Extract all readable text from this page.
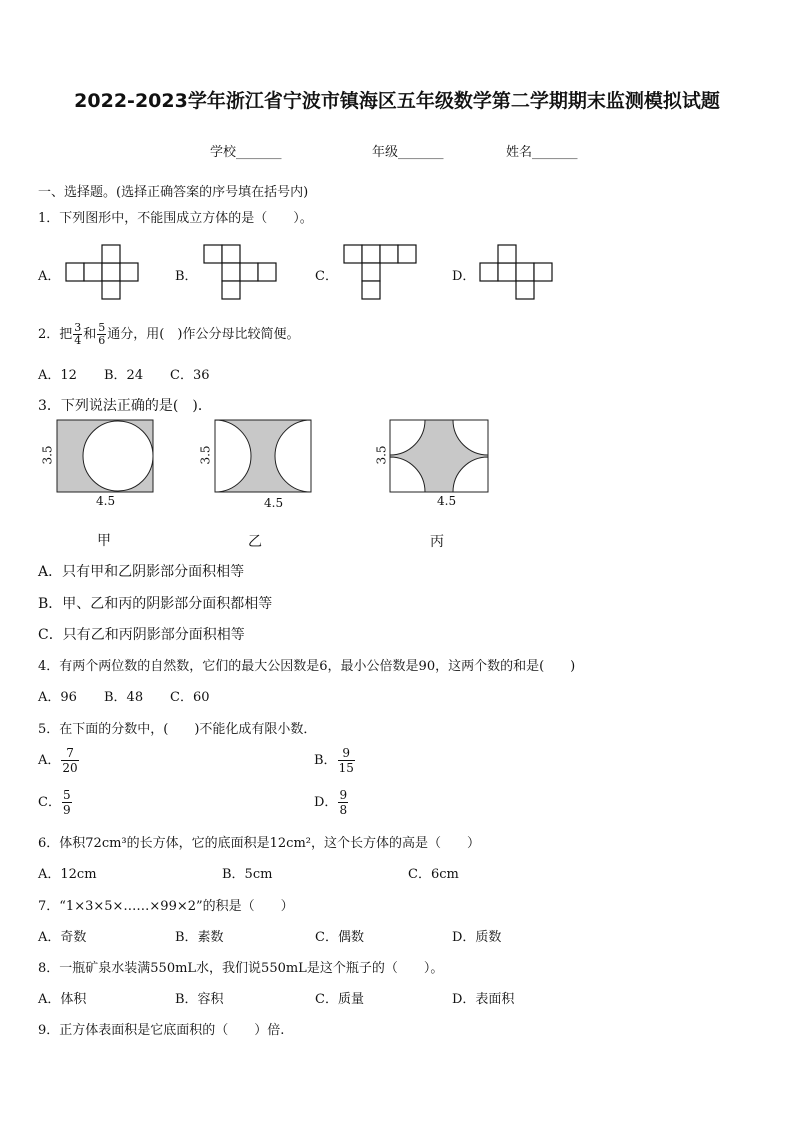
2022-2023学年浙江省宁波市镇海区五年级数学第二学期期末监测模拟试题
学校_______	年级_______	姓名_______
一、选择题。(选择正确答案的序号填在括号内)
1．下列图形中，不能围成立方体的是（　　）。
A．	B．	C．	D．
2．把 $\frac{3}{4}$ 和 $\frac{5}{6}$ 通分，用(　)作公分母比较简便。
A．12 B．24 C．36
3．下列说法正确的是(　)．
3.5
4.5
甲
3.5
4.5
乙
3.5
4.5
丙
A．只有甲和乙阴影部分面积相等
B．甲、乙和丙的阴影部分面积都相等
C．只有乙和丙阴影部分面积相等
4．有两个两位数的自然数，它们的最大公因数是6，最小公倍数是90，这两个数的和是(　　)
A．96 B．48 C．60
5．在下面的分数中，(　　)不能化成有限小数．
A． $\frac{7}{20}$	B． $\frac{9}{15}$
C． $\frac{5}{9}$	D． $\frac{9}{8}$
6．体积72cm³的长方体，它的底面积是12cm²，这个长方体的高是（　　）
A．12cm	B．5cm	C．6cm
7．“1×3×5×……×99×2”的积是（　　）
A．奇数	B．素数	C．偶数	D．质数
8．一瓶矿泉水装满550mL水，我们说550mL是这个瓶子的（　　）。
A．体积	B．容积	C．质量	D．表面积
9．正方体表面积是它底面积的（　　）倍.
